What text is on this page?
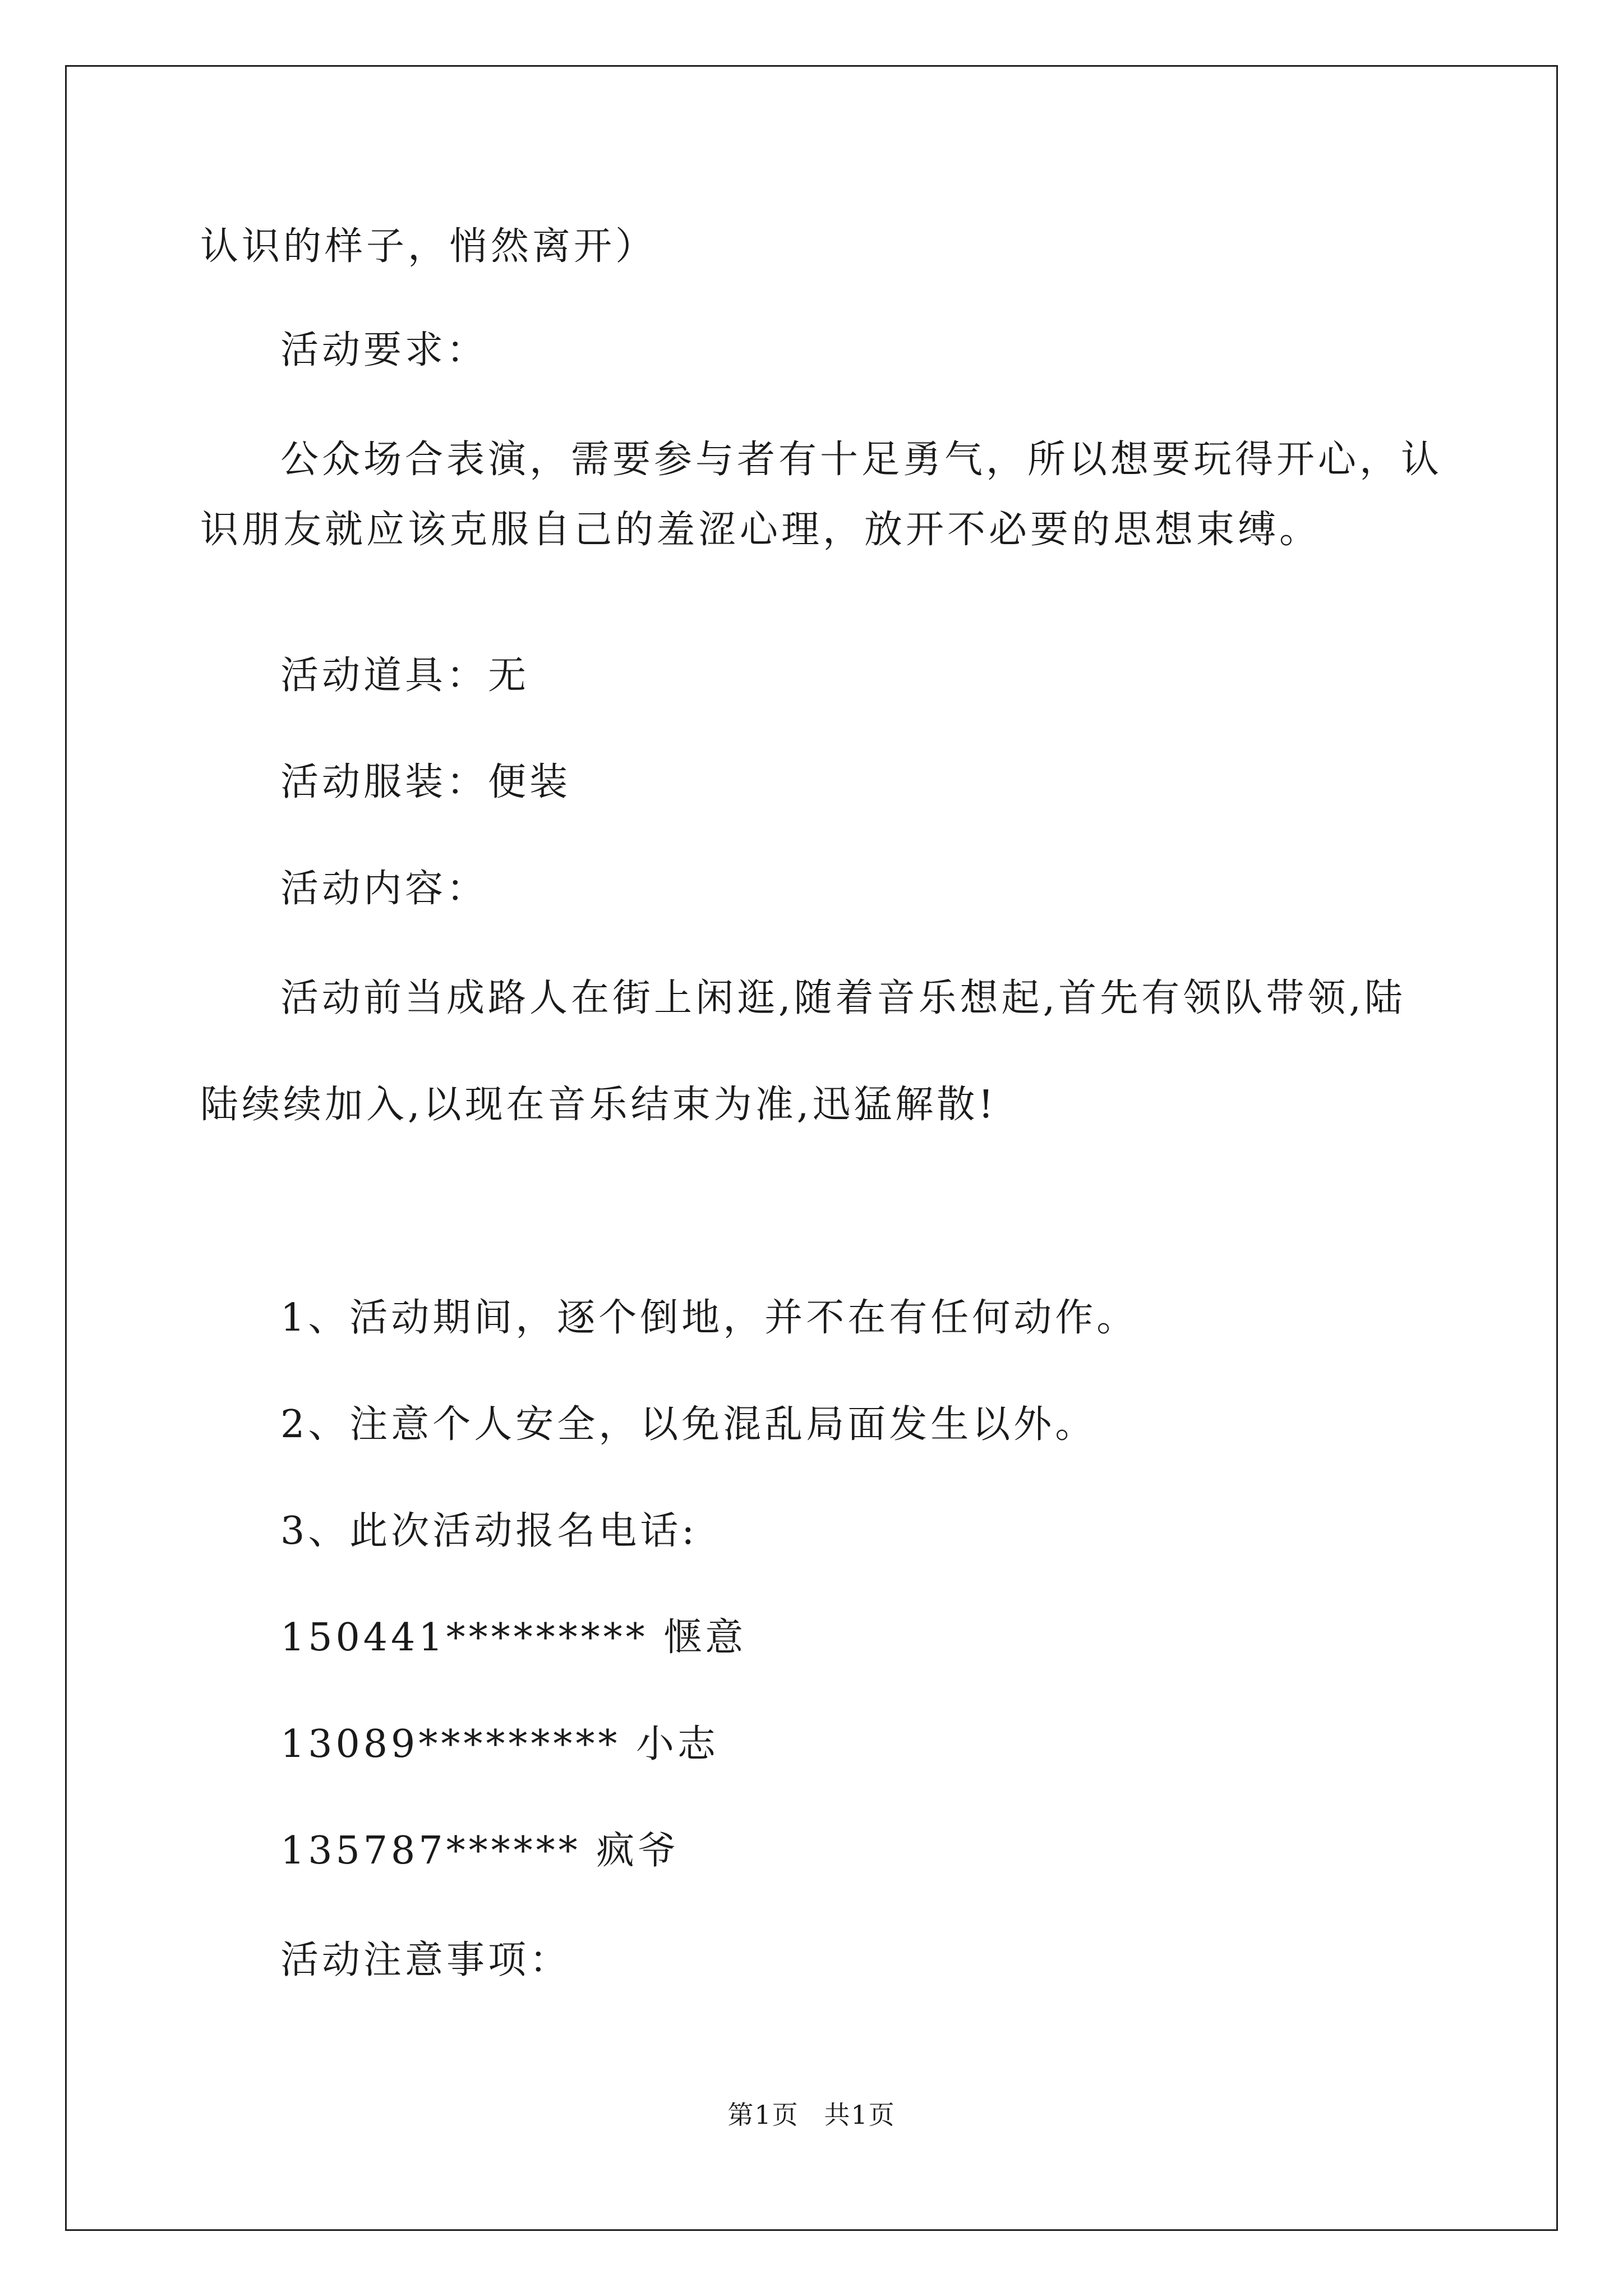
认识的样子，悄然离开）
活动要求：
公众场合表演，需要参与者有十足勇气，所以想要玩得开心，认
识朋友就应该克服自己的羞涩心理，放开不必要的思想束缚。
活动道具：无
活动服装：便装
活动内容：
活动前当成路人在街上闲逛,随着音乐想起,首先有领队带领,陆
陆续续加入,以现在音乐结束为准,迅猛解散!
1、活动期间，逐个倒地，并不在有任何动作。
2、注意个人安全，以免混乱局面发生以外。
3、此次活动报名电话:
150441********* 惬意
13089********* 小志
135787****** 疯爷
活动注意事项：
第1页 共1页
